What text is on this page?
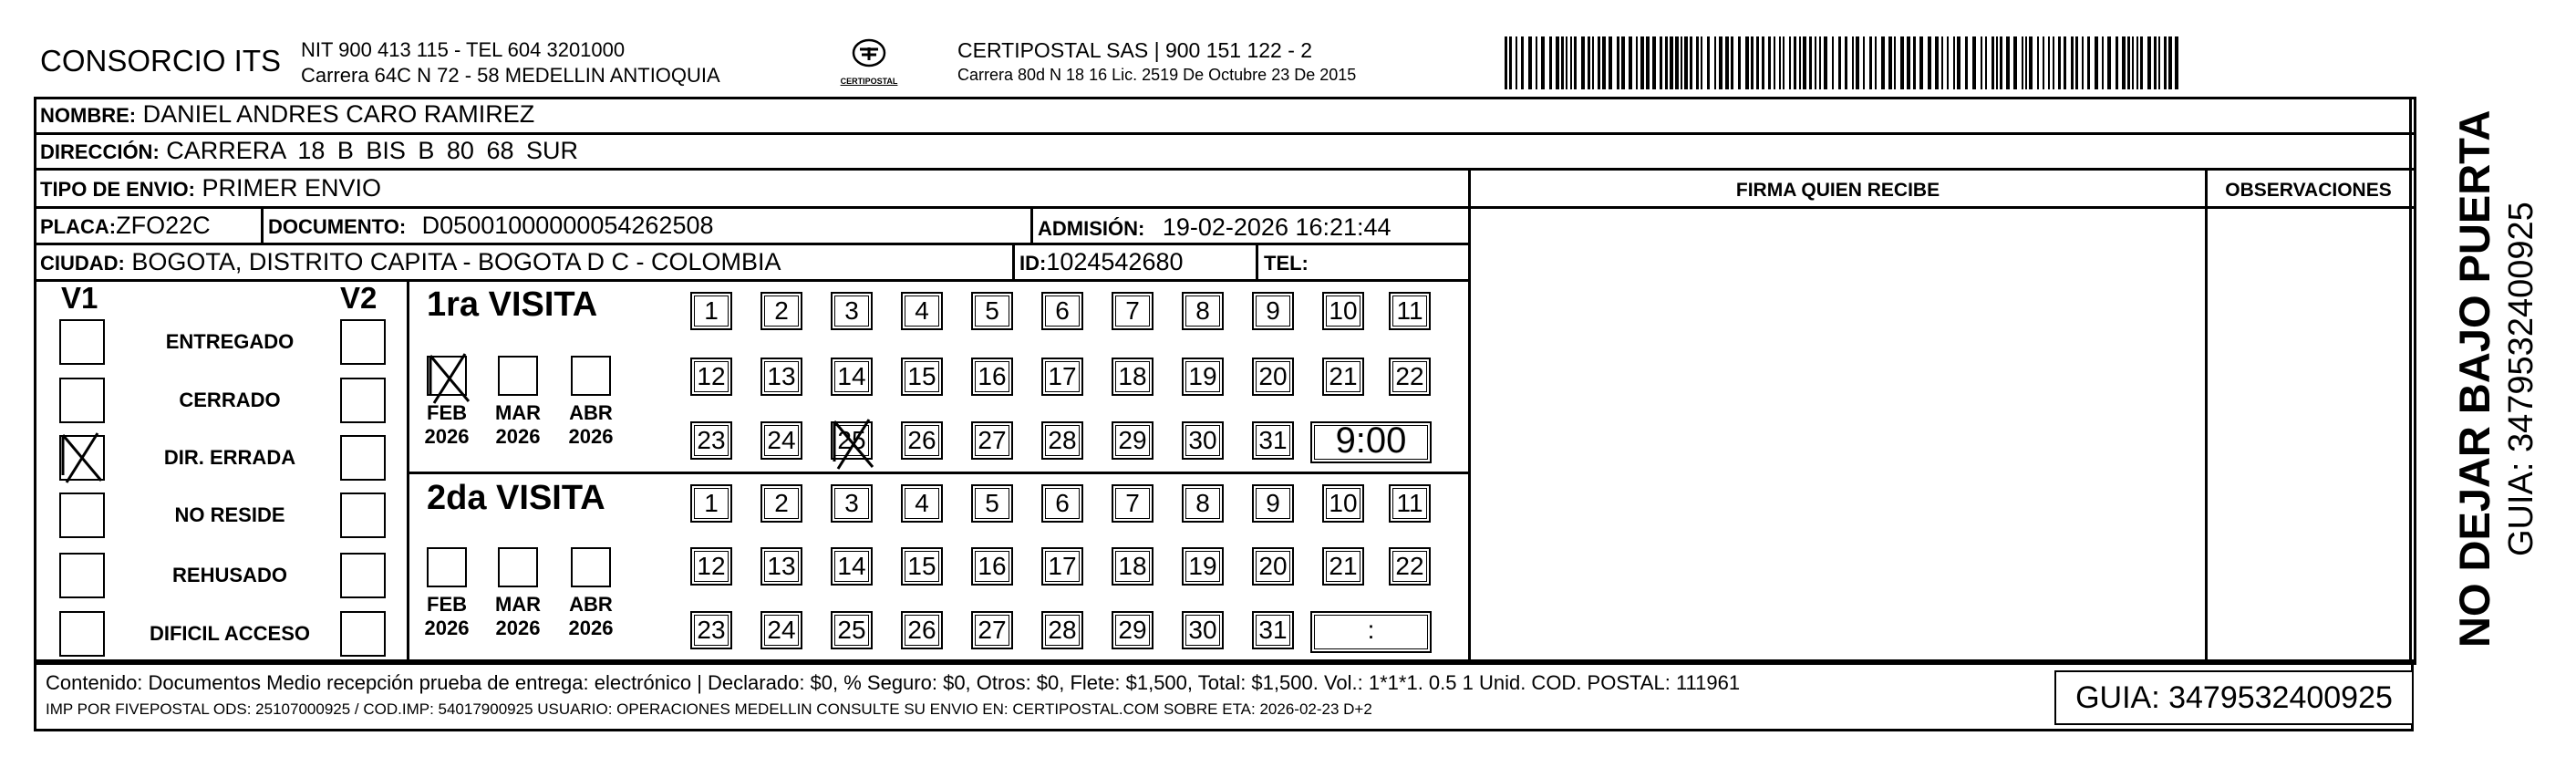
CONSORCIO ITS NIT 900 413 115 - TEL 604 3201000
Carrera 64C N 72 - 58 MEDELLIN ANTIOQUIA	CERTIPOSTAL
CERTIPOSTAL SAS | 900 151 122 - 2
Carrera 80d N 18 16 Lic. 2519 De Octubre 23 De 2015
NOMBRE: DANIEL ANDRES CARO RAMIREZ
DIRECCIÓN: CARRERA 18 B BIS B 80 68 SUR
TIPO DE ENVIO: PRIMER ENVIO
PLACA:ZFO22C	DOCUMENTO: D05001000000054262508	ADMISIÓN: 19-02-2026 16:21:44
CIUDAD: BOGOTA, DISTRITO CAPITA - BOGOTA D C - COLOMBIA	ID:1024542680	TEL:
FIRMA QUIEN RECIBE	OBSERVACIONES
V1	V2
ENTREGADO
CERRADO
DIR. ERRADA
NO RESIDE
REHUSADO
DIFICIL ACCESO
1ra VISITA
2da VISITA
FEB
2026
MAR
2026
ABR
2026
FEB
2026
MAR
2026
ABR
2026
1	2	3	4	5	6	7	8	9	10	11
12 13 14 15 16 17 18 19 20 21 22
23 24 25 26 27 28 29 30 31	9:00
1	2	3	4	5	6	7	8	9	10	11
12 13 14 15 16 17 18 19 20 21 22
23 24 25 26 27 28 29 30 31	:
Contenido: Documentos Medio recepción prueba de entrega: electrónico | Declarado: $0, % Seguro: $0, Otros: $0, Flete: $1,500, Total: $1,500. Vol.: 1*1*1. 0.5 1 Unid. COD. POSTAL: 111961
IMP POR FIVEPOSTAL ODS: 25107000925 / COD.IMP: 54017900925 USUARIO: OPERACIONES MEDELLIN CONSULTE SU ENVIO EN: CERTIPOSTAL.COM SOBRE ETA: 2026-02-23 D+2	GUIA: 3479532400925
NO DEJAR BAJO PUERTA GUIA: 3479532400925
